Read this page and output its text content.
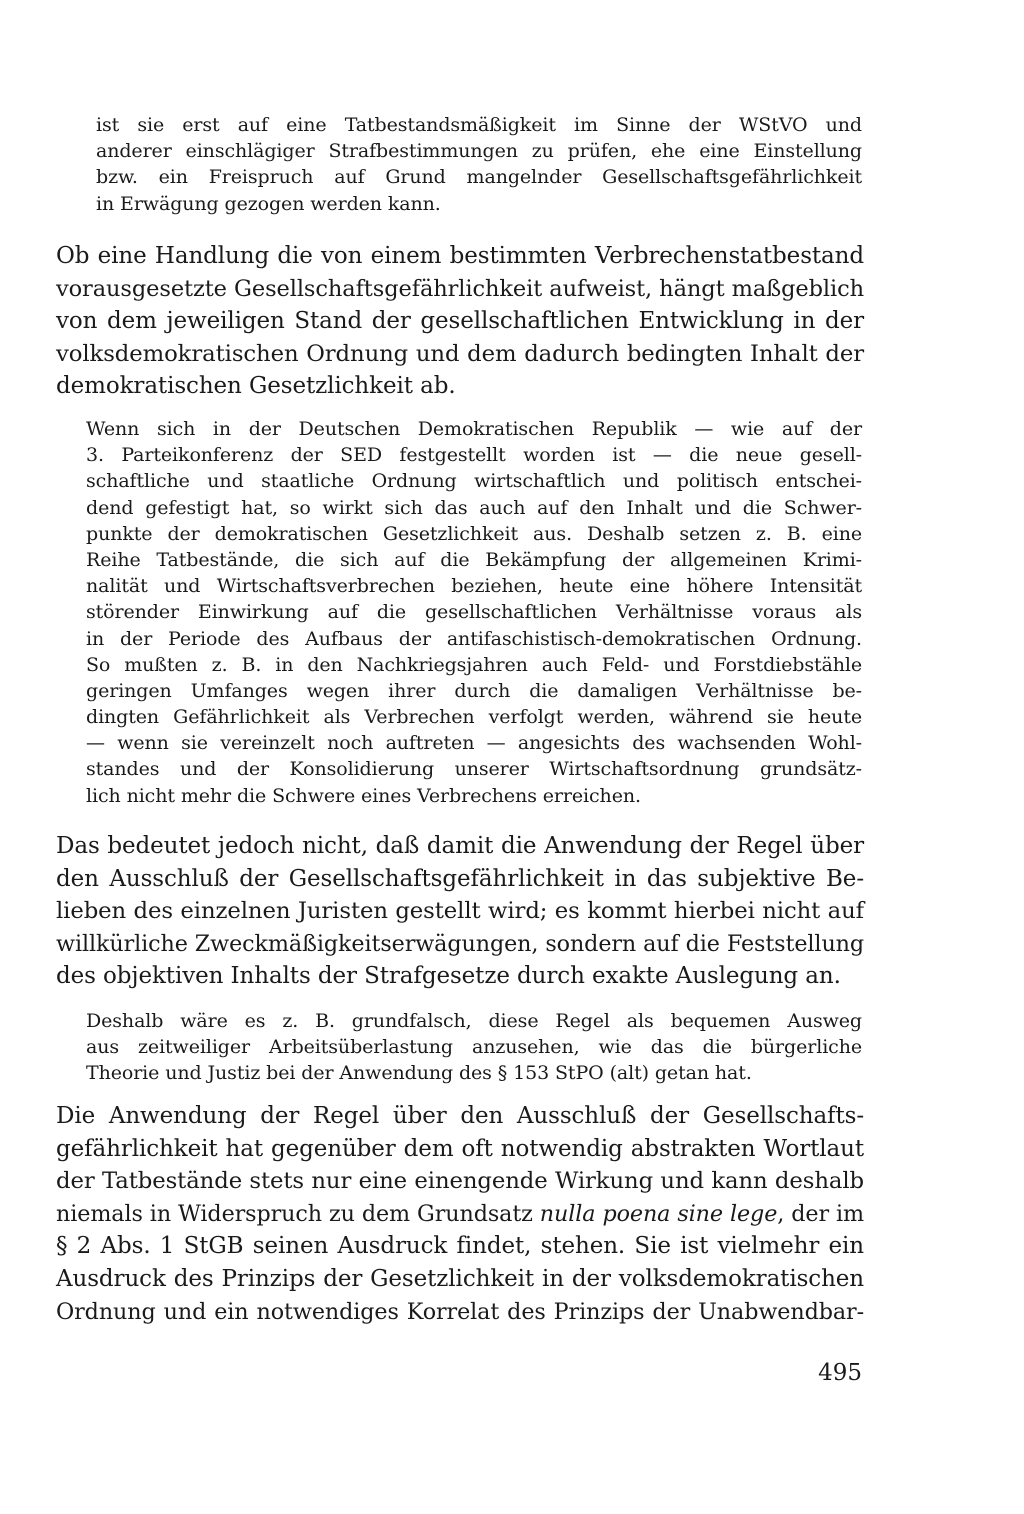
ist sie erst auf eine Tatbestandsmäßigkeit im Sinne der WStVO und
anderer einschlägiger Strafbestimmungen zu prüfen, ehe eine Einstellung
bzw. ein Freispruch auf Grund mangelnder Gesellschaftsgefährlichkeit
in Erwägung gezogen werden kann.
Ob eine Handlung die von einem bestimmten Verbrechenstatbestand
vorausgesetzte Gesellschaftsgefährlichkeit aufweist, hängt maßgeblich
von dem jeweiligen Stand der gesellschaftlichen Entwicklung in der
volksdemokratischen Ordnung und dem dadurch bedingten Inhalt der
demokratischen Gesetzlichkeit ab.
Wenn sich in der Deutschen Demokratischen Republik — wie auf der
3. Parteikonferenz der SED festgestellt worden ist — die neue gesell-
schaftliche und staatliche Ordnung wirtschaftlich und politisch entschei-
dend gefestigt hat, so wirkt sich das auch auf den Inhalt und die Schwer-
punkte der demokratischen Gesetzlichkeit aus. Deshalb setzen z. B. eine
Reihe Tatbestände, die sich auf die Bekämpfung der allgemeinen Krimi-
nalität und Wirtschaftsverbrechen beziehen, heute eine höhere Intensität
störender Einwirkung auf die gesellschaftlichen Verhältnisse voraus als
in der Periode des Aufbaus der antifaschistisch-demokratischen Ordnung.
So mußten z. B. in den Nachkriegsjahren auch Feld- und Forstdiebstähle
geringen Umfanges wegen ihrer durch die damaligen Verhältnisse be-
dingten Gefährlichkeit als Verbrechen verfolgt werden, während sie heute
— wenn sie vereinzelt noch auftreten — angesichts des wachsenden Wohl-
standes und der Konsolidierung unserer Wirtschaftsordnung grundsätz-
lich nicht mehr die Schwere eines Verbrechens erreichen.
Das bedeutet jedoch nicht, daß damit die Anwendung der Regel über
den Ausschluß der Gesellschaftsgefährlichkeit in das subjektive Be-
lieben des einzelnen Juristen gestellt wird; es kommt hierbei nicht auf
willkürliche Zweckmäßigkeitserwägungen, sondern auf die Feststellung
des objektiven Inhalts der Strafgesetze durch exakte Auslegung an.
Deshalb wäre es z. B. grundfalsch, diese Regel als bequemen Ausweg
aus zeitweiliger Arbeitsüberlastung anzusehen, wie das die bürgerliche
Theorie und Justiz bei der Anwendung des § 153 StPO (alt) getan hat.
Die Anwendung der Regel über den Ausschluß der Gesellschafts-
gefährlichkeit hat gegenüber dem oft notwendig abstrakten Wortlaut
der Tatbestände stets nur eine einengende Wirkung und kann deshalb
niemals in Widerspruch zu dem Grundsatz nulla poena sine lege, der im
§ 2 Abs. 1 StGB seinen Ausdruck findet, stehen. Sie ist vielmehr ein
Ausdruck des Prinzips der Gesetzlichkeit in der volksdemokratischen
Ordnung und ein notwendiges Korrelat des Prinzips der Unabwendbar-
495
